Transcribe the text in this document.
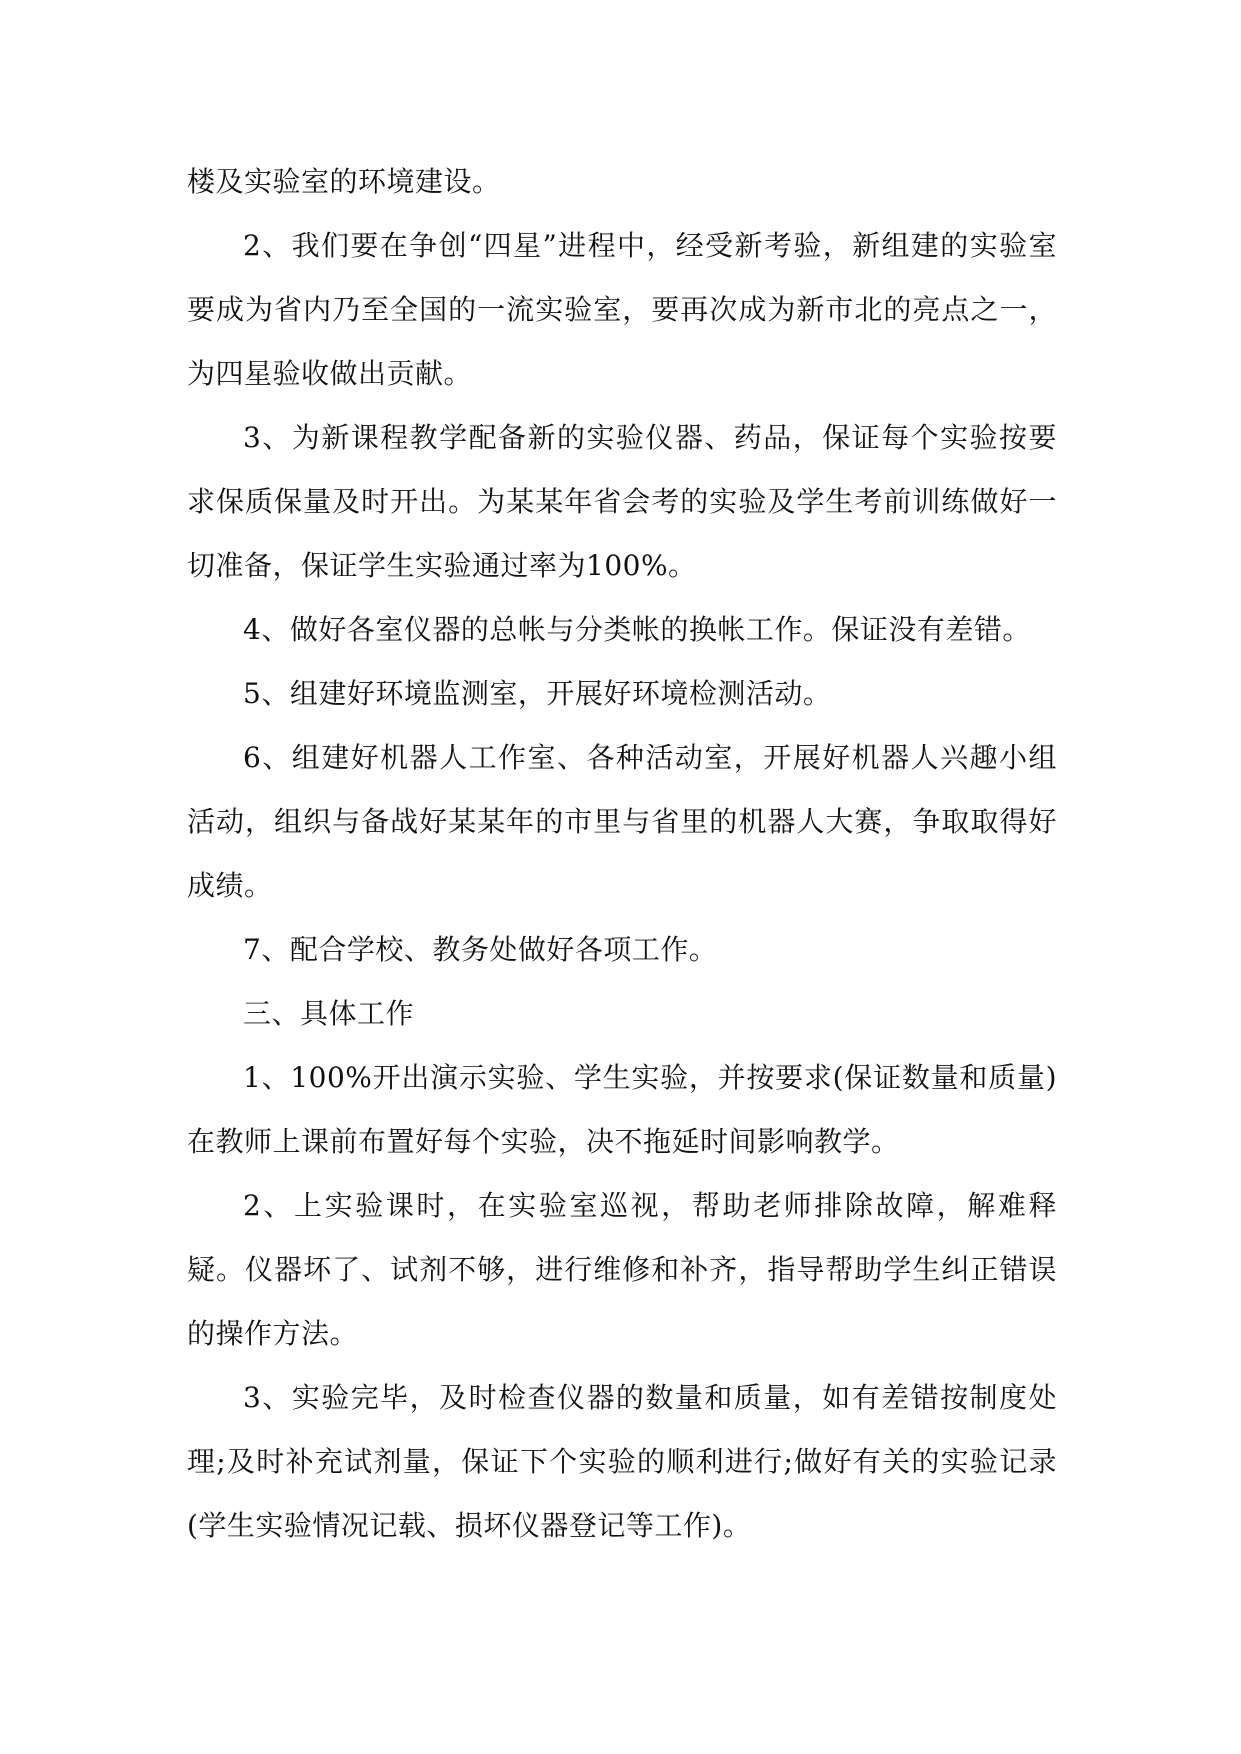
楼及实验室的环境建设。

2、我们要在争创“四星”进程中，经受新考验，新组建的实验室要成为省内乃至全国的一流实验室，要再次成为新市北的亮点之一，为四星验收做出贡献。

3、为新课程教学配备新的实验仪器、药品，保证每个实验按要求保质保量及时开出。为某某年省会考的实验及学生考前训练做好一切准备，保证学生实验通过率为100%。

4、做好各室仪器的总帐与分类帐的换帐工作。保证没有差错。

5、组建好环境监测室，开展好环境检测活动。

6、组建好机器人工作室、各种活动室，开展好机器人兴趣小组活动，组织与备战好某某年的市里与省里的机器人大赛，争取取得好成绩。

7、配合学校、教务处做好各项工作。

三、具体工作

1、100%开出演示实验、学生实验，并按要求(保证数量和质量)在教师上课前布置好每个实验，决不拖延时间影响教学。

2、上实验课时，在实验室巡视，帮助老师排除故障，解难释疑。仪器坏了、试剂不够，进行维修和补齐，指导帮助学生纠正错误的操作方法。

3、实验完毕，及时检查仪器的数量和质量，如有差错按制度处理;及时补充试剂量，保证下个实验的顺利进行;做好有关的实验记录(学生实验情况记载、损坏仪器登记等工作)。
